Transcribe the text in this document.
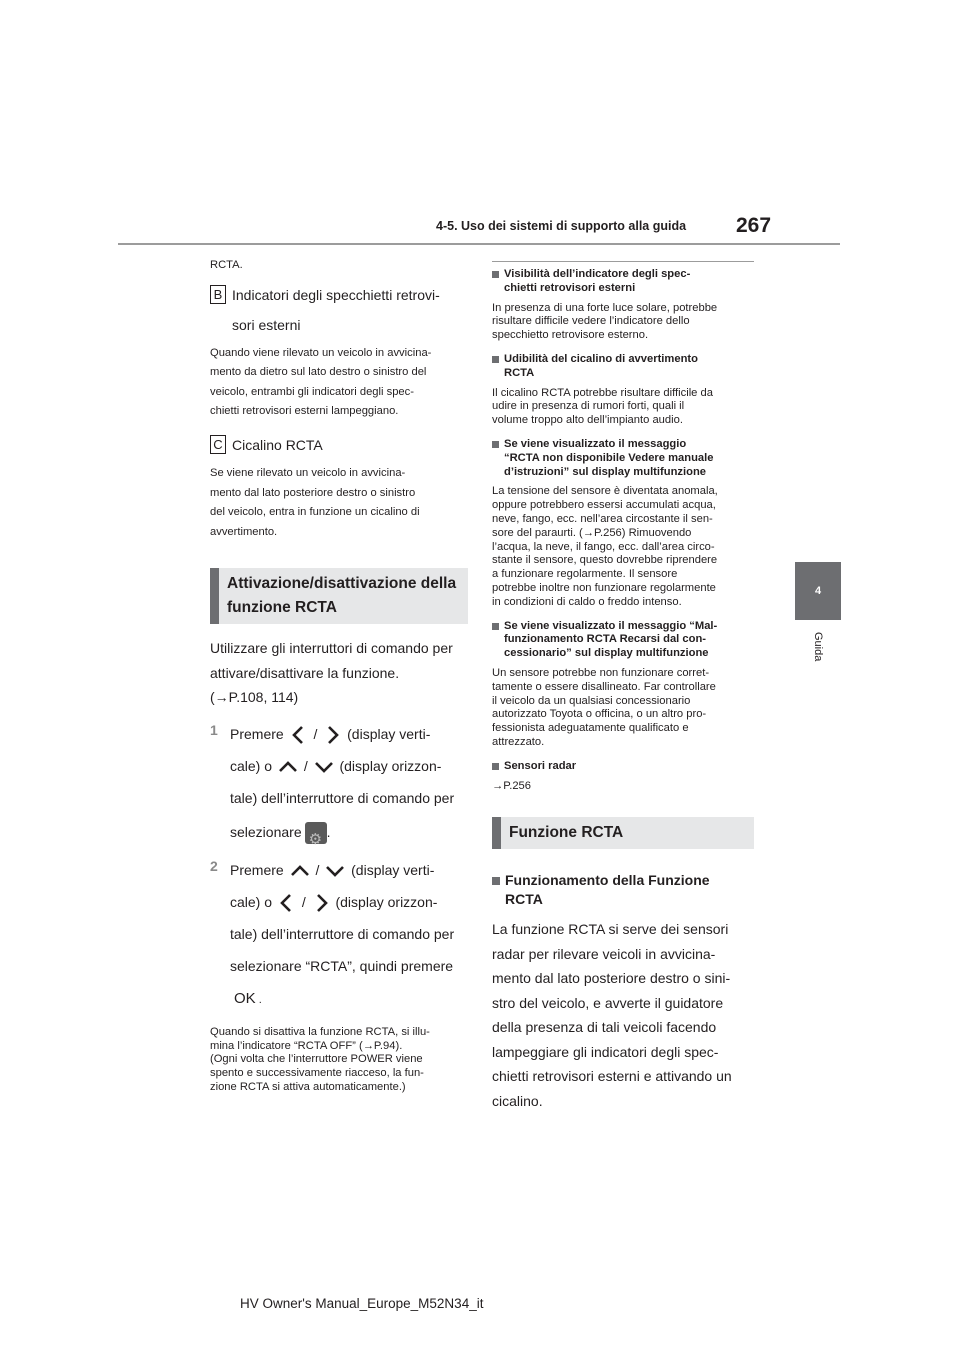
4-5. Uso dei sistemi di supporto alla guida 267
4
Guida

RCTA.

B Indicatori degli specchietti retrovi-
sori esterni

Quando viene rilevato un veicolo in avvicina-

mento da dietro sul lato destro o sinistro del

veicolo, entrambi gli indicatori degli spec-

chietti retrovisori esterni lampeggiano.

C Cicalino RCTA

Se viene rilevato un veicolo in avvicina-

mento dal lato posteriore destro o sinistro

del veicolo, entra in funzione un cicalino di

avvertimento.

Attivazione/disattivazione della
funzione RCTA

Utilizzare gli interruttori di comando per

attivare/disattivare la funzione.

(→P.108, 114)

1 Premere / (display verti-
cale) o / (display orizzon-
tale) dell’interruttore di comando per
selezionare⚙ .
2 Premere / (display verti-
cale) o / (display orizzon-
tale) dell’interruttore di comando per
selezionare “RCTA”, quindi premere
OK .

Quando si disattiva la funzione RCTA, si illu-

mina l’indicatore “RCTA OFF” (→P.94).

(Ogni volta che l’interruttore POWER viene

spento e successivamente riacceso, la fun-

zione RCTA si attiva automaticamente.)

Visibilità dell’indicatore degli spec-
chietti retrovisori esterni

In presenza di una forte luce solare, potrebbe

risultare difficile vedere l’indicatore dello

specchietto retrovisore esterno.

Udibilità del cicalino di avvertimento
RCTA

Il cicalino RCTA potrebbe risultare difficile da

udire in presenza di rumori forti, quali il

volume troppo alto dell’impianto audio.

Se viene visualizzato il messaggio
“RCTA non disponibile Vedere manuale
d’istruzioni” sul display multifunzione

La tensione del sensore è diventata anomala,

oppure potrebbero essersi accumulati acqua,

neve, fango, ecc. nell’area circostante il sen-

sore del paraurti. (→P.256) Rimuovendo

l’acqua, la neve, il fango, ecc. dall’area circo-

stante il sensore, questo dovrebbe riprendere

a funzionare regolarmente. Il sensore

potrebbe inoltre non funzionare regolarmente

in condizioni di caldo o freddo intenso.

Se viene visualizzato il messaggio “Mal-
funzionamento RCTA Recarsi dal con-
cessionario” sul display multifunzione

Un sensore potrebbe non funzionare corret-

tamente o essere disallineato. Far controllare

il veicolo da un qualsiasi concessionario

autorizzato Toyota o officina, o un altro pro-

fessionista adeguatamente qualificato e

attrezzato.

Sensori radar

→P.256

Funzione RCTA
Funzionamento della Funzione
RCTA

La funzione RCTA si serve dei sensori

radar per rilevare veicoli in avvicina-

mento dal lato posteriore destro o sini-

stro del veicolo, e avverte il guidatore

della presenza di tali veicoli facendo

lampeggiare gli indicatori degli spec-

chietti retrovisori esterni e attivando un

cicalino.

HV Owner's Manual_Europe_M52N34_it
